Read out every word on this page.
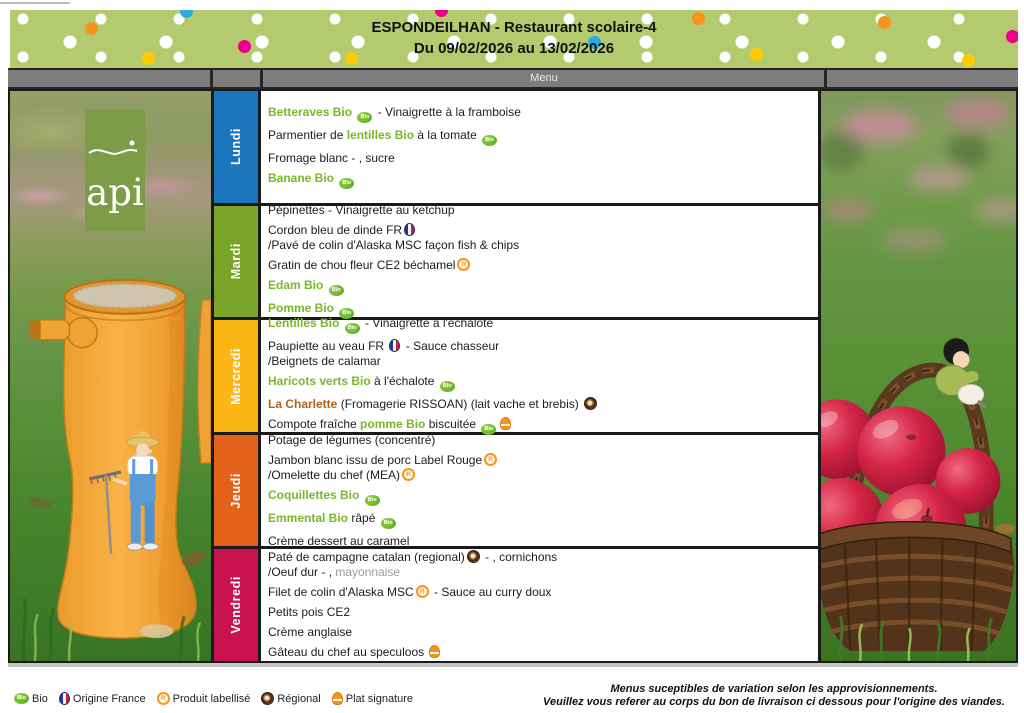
ESPONDEILHAN - Restaurant scolaire-4
Du 09/02/2026 au 13/02/2026
Menu
api
Lundi
Betteraves Bio Bio - Vinaigrette à la framboise
Parmentier de lentilles Bio à la tomate Bio
Fromage blanc - , sucre
Banane Bio Bio
Mardi
Pépinettes - Vinaigrette au ketchup
Cordon bleu de dinde FR
/Pavé de colin d'Alaska MSC façon fish & chips
Gratin de chou fleur CE2 béchamelR
Edam Bio Bio
Pomme Bio Bio
Mercredi
Lentilles Bio Bio - Vinaigrette à l'échalote
Paupiette au veau FR  - Sauce chasseur
/Beignets de calamar
Haricots verts Bio à l'échalote Bio
La Charlette (Fromagerie RISSOAN) (lait vache et brebis)
Compote fraîche pomme Bio biscuitée Bio
Jeudi
Potage de légumes (concentré)
Jambon blanc issu de porc Label RougeR
/Omelette du chef (MEA)R
Coquillettes Bio Bio
Emmental Bio râpé Bio
Crème dessert au caramel
Vendredi
Paté de campagne catalan (regional) - , cornichons
/Oeuf dur - , mayonnaise
Filet de colin d'Alaska MSCR - Sauce au curry doux
Petits pois CE2
Crème anglaise
Gâteau du chef au speculoos
Bio
Bio Origine France R Produit labellisé Régional Plat signature
Menus suceptibles de variation selon les approvisionnements.
Veuillez vous referer au corps du bon de livraison ci dessous pour l'origine des viandes.
